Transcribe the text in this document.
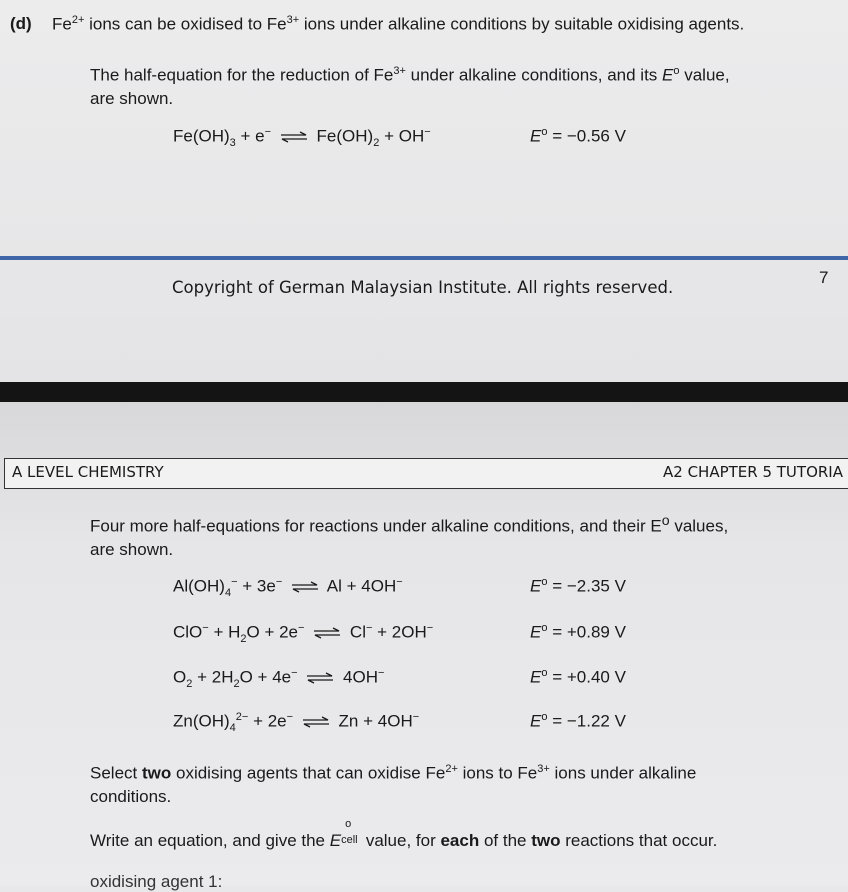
(d) $Fe^{2+}$ ions can be oxidised to $Fe^{3+}$ ions under alkaline conditions by suitable oxidising agents.
The half-equation for the reduction of $Fe^{3+}$ under alkaline conditions, and its $E^o$ value,
are shown.
$Fe(OH)_3 + e^-$ ⇌ $Fe(OH)_2 + OH^-$	$E^o = -0.56$ V
Copyright of German Malaysian Institute. All rights reserved.
7
A LEVEL CHEMISTRY	A2 CHAPTER 5 TUTORIA
Four more half-equations for reactions under alkaline conditions, and their $E^o$ values,
are shown.
$Al(OH)_4^- + 3e^-$ ⇌ Al + 4OH−	$E^o = -2.35$ V
$ClO^- + H_2O + 2e^-$ ⇌ Cl− + 2OH−	$E^o = +0.89$ V
$O_2 + 2H_2O + 4e^-$ ⇌ 4OH−	$E^o = +0.40$ V
$Zn(OH)_4^{2-} + 2e^-$ ⇌ Zn + 4OH−	$E^o = -1.22$ V
Select two oxidising agents that can oxidise $Fe^{2+}$ ions to $Fe^{3+}$ ions under alkaline
conditions.
Write an equation, and give the E
o
cell value, for each of the two reactions that occur.
oxidising agent 1:
